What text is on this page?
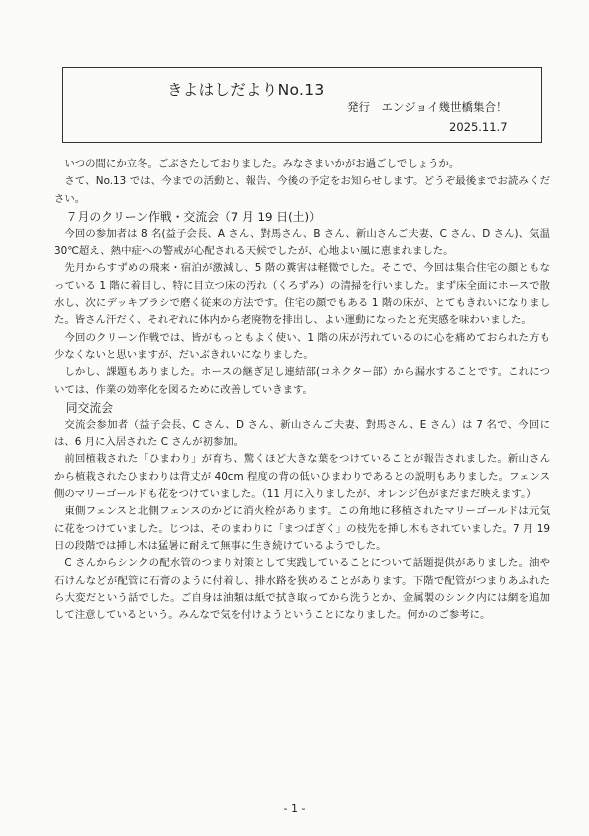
きよはしだよりNo.13
発行　エンジョイ幾世橋集合！
2025.11.7

いつの間にか立冬。ごぶさたしておりました。みなさまいかがお過ごしでしょうか。

さて、No.13 では、今までの活動と、報告、今後の予定をお知らせします。どうぞ最後までお読みください。

７月のクリーン作戦・交流会（7 月 19 日(土)）

今回の参加者は 8 名(益子会長、A さん、對馬さん、B さん、新山さんご夫妻、C さん、D さん)、気温 30℃超え、熱中症への警戒が心配される天候でしたが、心地よい風に恵まれました。

先月からすずめの飛来・宿泊が激減し、5 階の糞害は軽微でした。そこで、今回は集合住宅の顔ともなっている 1 階に着目し、特に目立つ床の汚れ（くろずみ）の清掃を行いました。まず床全面にホースで散水し、次にデッキブラシで磨く従来の方法です。住宅の顔でもある 1 階の床が、とてもきれいになりました。皆さん汗だく、それぞれに体内から老廃物を排出し、よい運動になったと充実感を味わいました。

今回のクリーン作戦では、皆がもっともよく使い、1 階の床が汚れているのに心を痛めておられた方も少なくないと思いますが、だいぶきれいになりました。

しかし、課題もありました。ホースの継ぎ足し連結部(コネクター部）から漏水することです。これについては、作業の効率化を図るために改善していきます。

同交流会

交流会参加者（益子会長、C さん、D さん、新山さんご夫妻、對馬さん、E さん）は 7 名で、今回には、6 月に入居された C さんが初参加。

前回植栽された「ひまわり」が育ち、驚くほど大きな葉をつけていることが報告されました。新山さんから植栽されたひまわりは背丈が 40cm 程度の背の低いひまわりであるとの説明もありました。フェンス側のマリーゴールドも花をつけていました。（11 月に入りましたが、オレンジ色がまだまだ映えます。）

東側フェンスと北側フェンスのかどに消火栓があります。この角地に移植されたマリーゴールドは元気に花をつけていました。じつは、そのまわりに「まつばぎく」の枝先を挿し木もされていました。7 月 19 日の段階では挿し木は猛暑に耐えて無事に生き続けているようでした。

C さんからシンクの配水管のつまり対策として実践していることについて話題提供がありました。油や石けんなどが配管に石膏のように付着し、排水路を狭めることがあります。下階で配管がつまりあふれたら大変だという話でした。ご自身は油類は紙で拭き取ってから洗うとか、金属製のシンク内には網を追加して注意しているという。みんなで気を付けようということになりました。何かのご参考に。

- 1 -
